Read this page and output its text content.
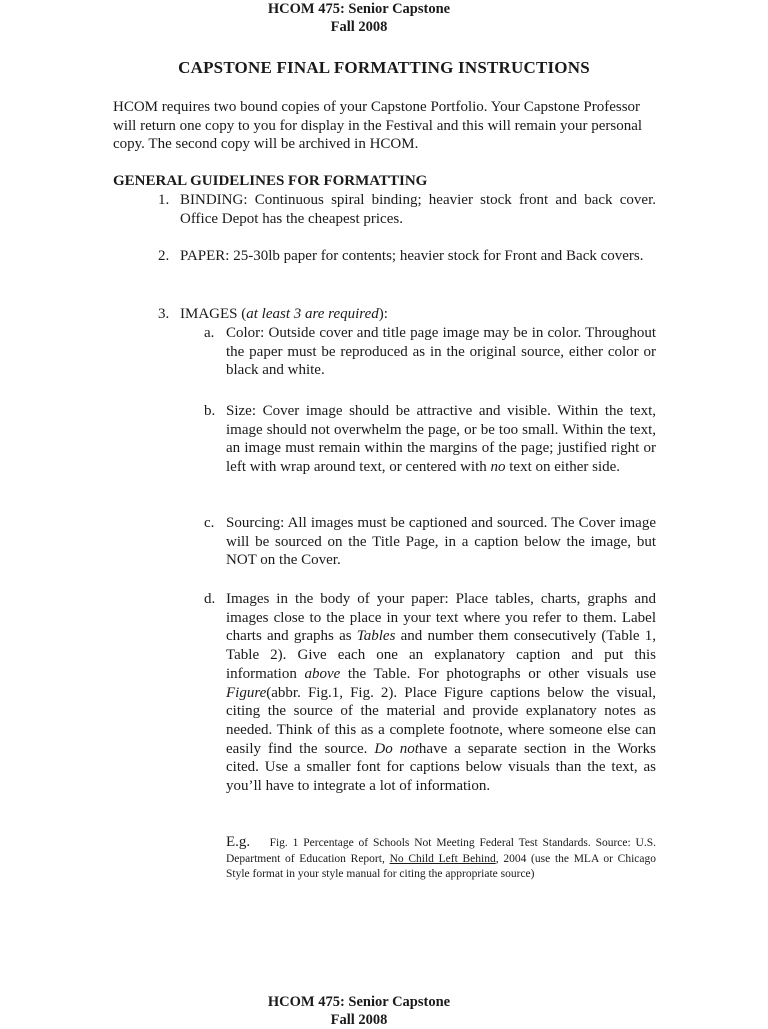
HCOM 475: Senior Capstone
Fall 2008
CAPSTONE FINAL FORMATTING INSTRUCTIONS
HCOM requires two bound copies of your Capstone Portfolio. Your Capstone Professor will return one copy to you for display in the Festival and this will remain your personal copy. The second copy will be archived in HCOM.
GENERAL GUIDELINES FOR FORMATTING
1. BINDING: Continuous spiral binding; heavier stock front and back cover. Office Depot has the cheapest prices.
2. PAPER: 25-30lb paper for contents; heavier stock for Front and Back covers.
3. IMAGES (at least 3 are required):
a. Color: Outside cover and title page image may be in color. Throughout the paper must be reproduced as in the original source, either color or black and white.
b. Size: Cover image should be attractive and visible. Within the text, image should not overwhelm the page, or be too small. Within the text, an image must remain within the margins of the page; justified right or left with wrap around text, or centered with no text on either side.
c. Sourcing: All images must be captioned and sourced. The Cover image will be sourced on the Title Page, in a caption below the image, but NOT on the Cover.
d. Images in the body of your paper: Place tables, charts, graphs and images close to the place in your text where you refer to them. Label charts and graphs as Tables and number them consecutively (Table 1, Table 2). Give each one an explanatory caption and put this information above the Table. For photographs or other visuals use Figure(abbr. Fig.1, Fig. 2). Place Figure captions below the visual, citing the source of the material and provide explanatory notes as needed. Think of this as a complete footnote, where someone else can easily find the source. Do nothave a separate section in the Works cited. Use a smaller font for captions below visuals than the text, as you’ll have to integrate a lot of information.
E.g. Fig. 1 Percentage of Schools Not Meeting Federal Test Standards. Source: U.S. Department of Education Report, No Child Left Behind, 2004 (use the MLA or Chicago Style format in your style manual for citing the appropriate source)
HCOM 475: Senior Capstone
Fall 2008
